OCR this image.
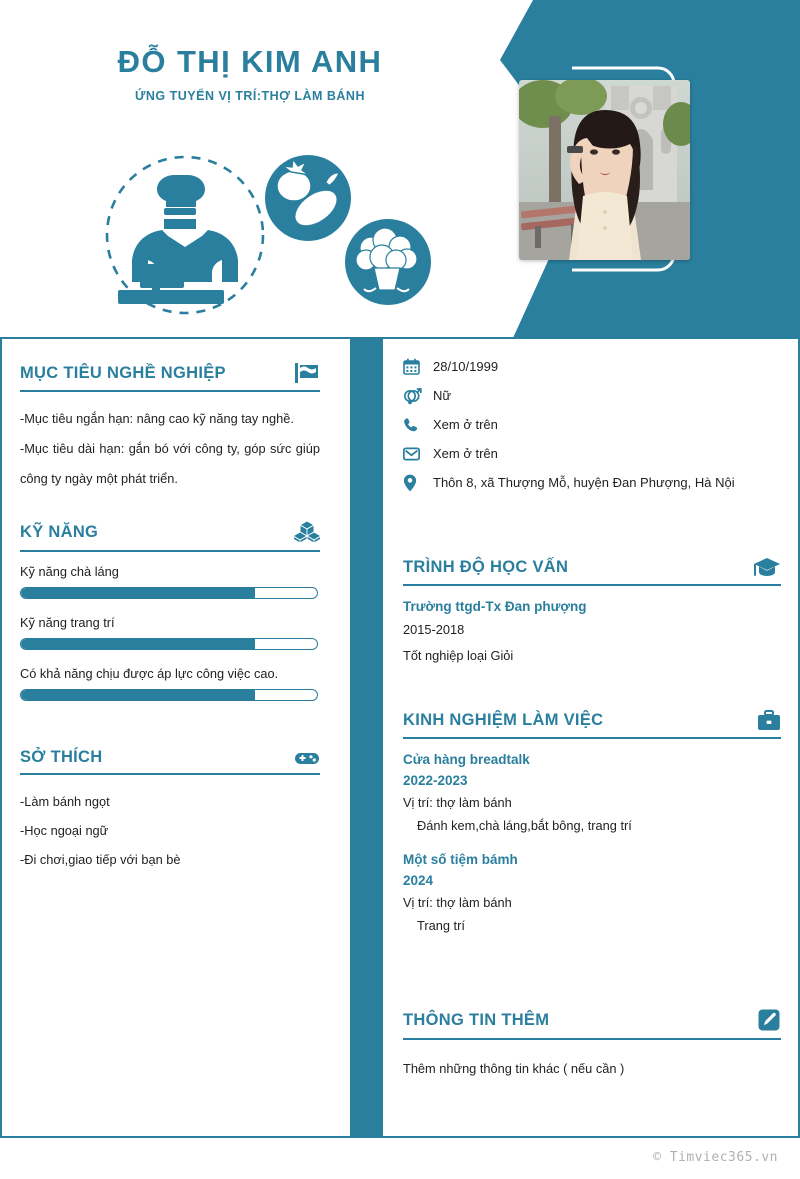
ĐỖ THỊ KIM ANH
ỨNG TUYỂN VỊ TRÍ:THỢ LÀM BÁNH
MỤC TIÊU NGHỀ NGHIỆP
-Mục tiêu ngắn hạn: nâng cao kỹ năng tay nghề.
-Mục tiêu dài hạn: gắn bó với công ty, góp sức giúp công ty ngày một phát triển.
KỸ NĂNG
Kỹ năng chà láng
Kỹ năng trang trí
Có khả năng chịu được áp lực công việc cao.
SỞ THÍCH
-Làm bánh ngọt
-Học ngoại ngữ
-Đi chơi,giao tiếp với bạn bè
28/10/1999
Nữ
Xem ở trên
Xem ở trên
Thôn 8, xã Thượng Mỗ, huyện Đan Phượng, Hà Nội
TRÌNH ĐỘ HỌC VẤN
Trường ttgd-Tx Đan phượng
2015-2018
Tốt nghiệp loại Giỏi
KINH NGHIỆM LÀM VIỆC
Cửa hàng breadtalk
2022-2023
Vị trí: thợ làm bánh
Đánh kem,chà láng,bắt bông, trang trí
Một số tiệm bámh
2024
Vị trí: thợ làm bánh
Trang trí
THÔNG TIN THÊM
Thêm những thông tin khác ( nếu cần )
© Timviec365.vn
